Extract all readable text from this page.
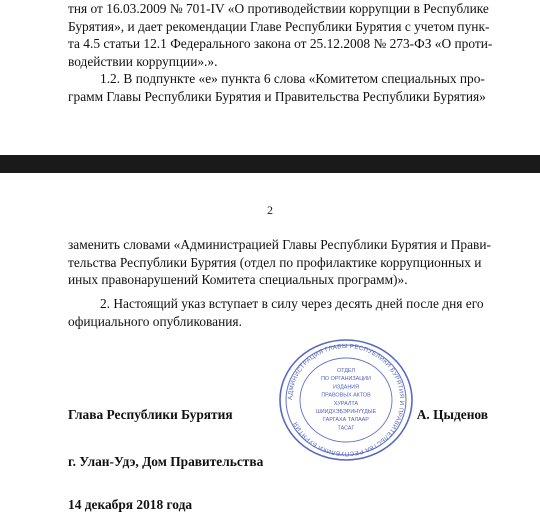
тня от 16.03.2009 № 701-IV «О противодействии коррупции в Республике
Бурятия», и дает рекомендации Главе Республики Бурятия с учетом пунк-
та 4.5 статьи 12.1 Федерального закона от 25.12.2008 № 273-ФЗ «О проти-
водействии коррупции».».

1.2. В подпункте «е» пункта 6 слова «Комитетом специальных про-
грамм Главы Республики Бурятия и Правительства Республики Бурятия»

2

заменить словами «Администрацией Главы Республики Бурятия и Прави-
тельства Республики Бурятия (отдел по профилактике коррупционных и
иных правонарушений Комитета специальных программ)».

2. Настоящий указ вступает в силу через десять дней после дня его
официального опубликования.

АДМИНИСТРАЦИЯ ГЛАВЫ РЕСПУБЛИКИ БУРЯТИЯ И ПРАВИТЕЛЬСТВА РЕСПУБЛИКИ БУРЯТИЯ
ОТДЕЛ
ПО ОРГАНИЗАЦИИ
ИЗДАНИЯ
ПРАВОВЫХ АКТОВ
ХУРАЛТА
ШИИДХЭБЭРИНҮҮДЫЕ
ГАРГАХА ТАЛААР
ТАСАГ
Глава Республики Бурятия	А. Цыденов
г. Улан-Удэ, Дом Правительства
14 декабря 2018 года
